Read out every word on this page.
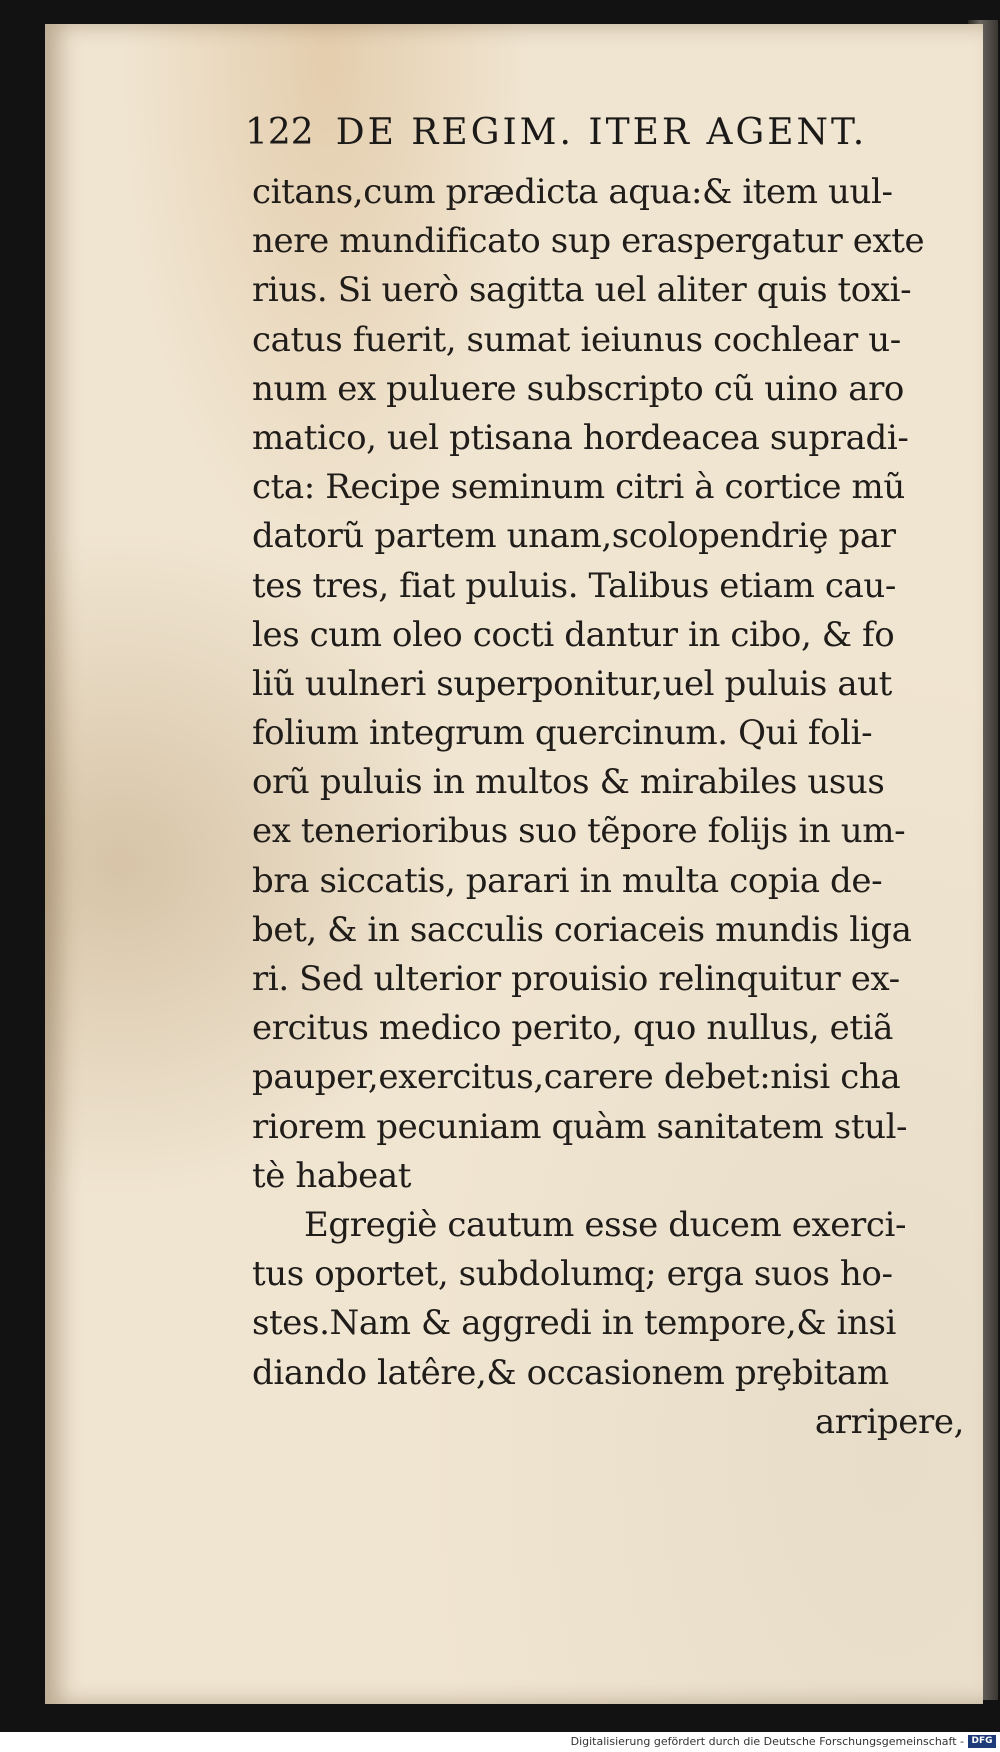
122 DE REGIM. ITER AGENT.
citans,cum prædicta aqua:& item uul-
nere mundificato sup eraspergatur exte
rius. Si uerò sagitta uel aliter quis toxi-
catus fuerit, sumat ieiunus cochlear u-
num ex puluere subscripto cũ uino aro
matico, uel ptisana hordeacea supradi-
cta: Recipe seminum citri à cortice mũ
datorũ partem unam,scolopendriȩ par
tes tres, fiat puluis. Talibus etiam cau-
les cum oleo cocti dantur in cibo, & fo
liũ uulneri superponitur,uel puluis aut
folium integrum quercinum. Qui foli-
orũ puluis in multos & mirabiles usus
ex tenerioribus suo tẽpore folijs in um-
bra siccatis, parari in multa copia de-
bet, & in sacculis coriaceis mundis liga
ri. Sed ulterior prouisio relinquitur ex-
ercitus medico perito, quo nullus, etiã
pauper,exercitus,carere debet:nisi cha
riorem pecuniam quàm sanitatem stul-
tè habeat
Egregiè cautum esse ducem exerci-
tus oportet, subdolumq; erga suos ho-
stes.Nam & aggredi in tempore,& insi
diando latêre,& occasionem prȩbitam
arripere,
Digitalisierung gefördert durch die Deutsche Forschungsgemeinschaft - DFG
